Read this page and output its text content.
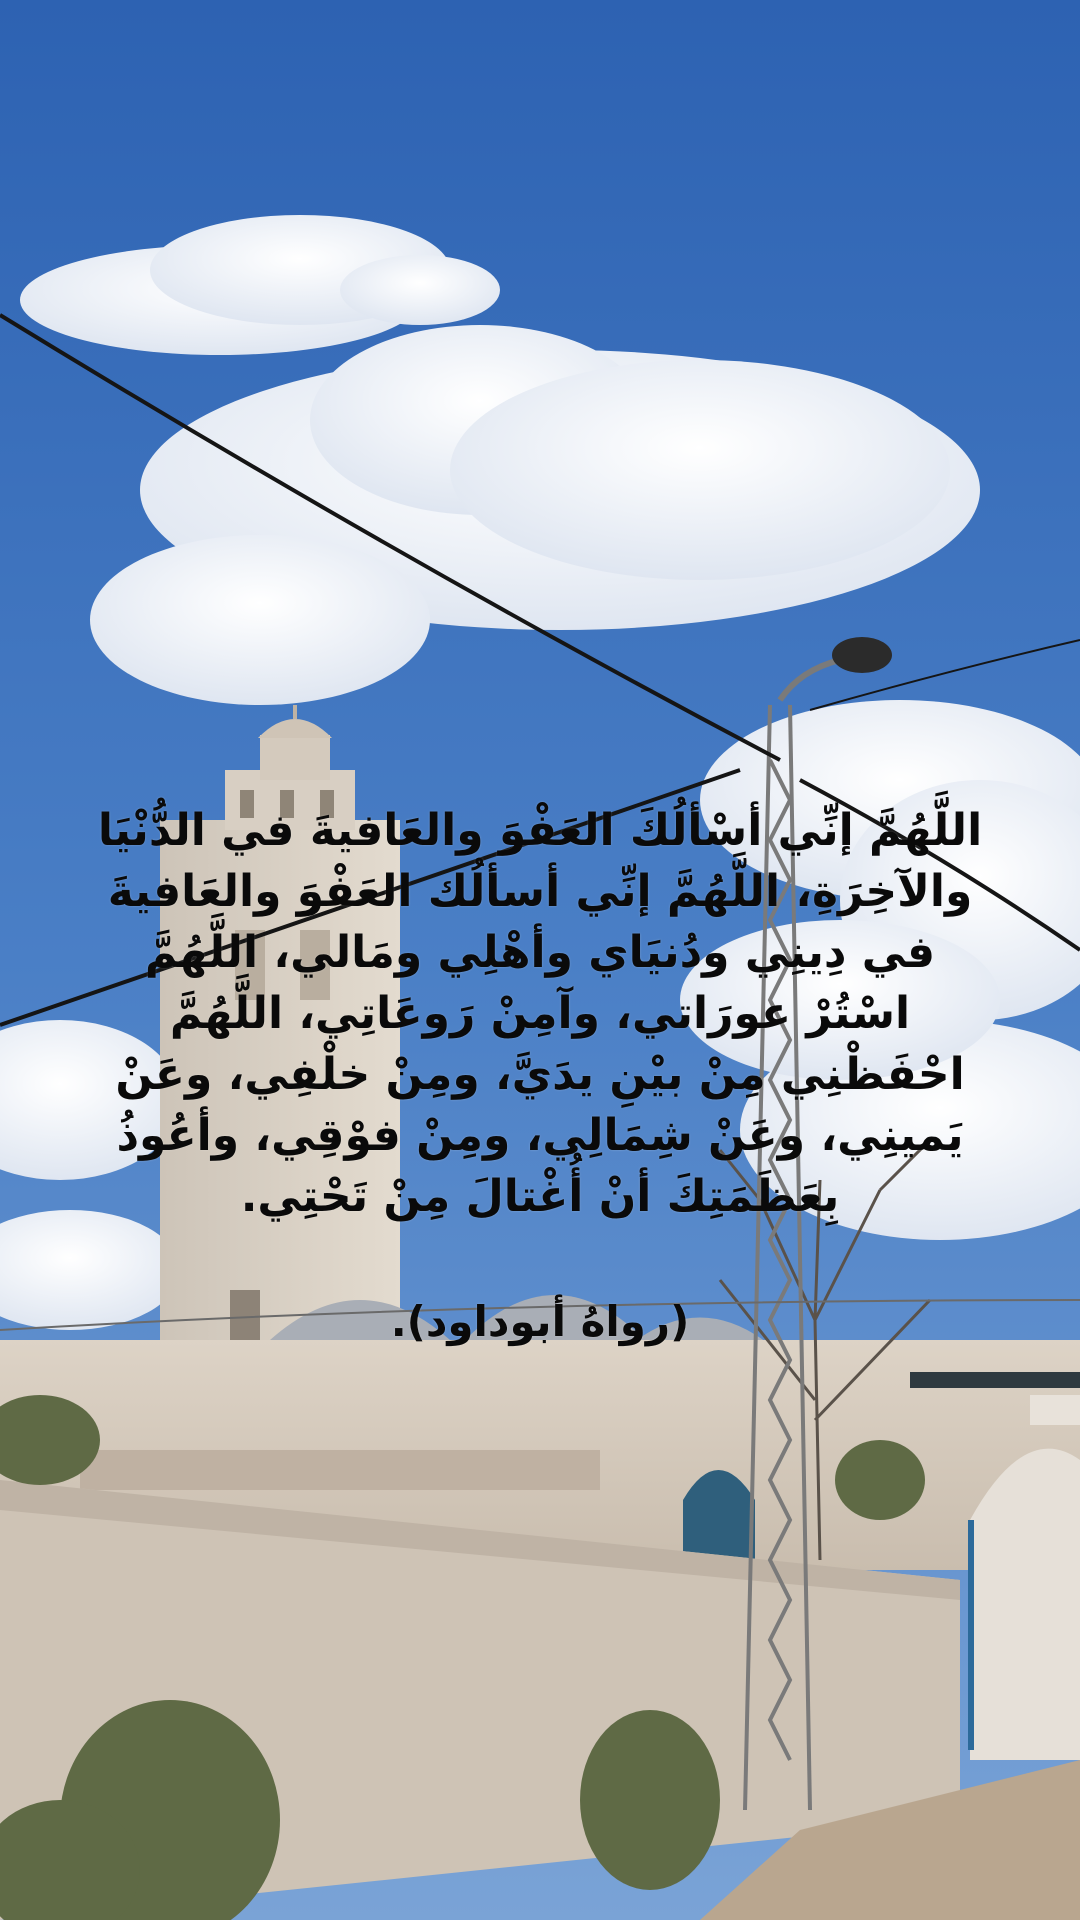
اللَّهُمَّ إنِّي أسْألُكَ العَفْوَ والعَافيةَ في الدُّنْيَا
والآخِرَةِ، اللَّهُمَّ إنِّي أسألُك العَفْوَ والعَافيةَ
في دِينِي ودُنيَاي وأهْلِي ومَالي، اللَّهُمَّ
اسْتُرْ عورَاتي، وآمِنْ رَوعَاتِي، اللَّهُمَّ
احْفَظْنِي مِنْ بيْنِ يدَيَّ، ومِنْ خلْفِي، وعَنْ
يَمينِي، وعَنْ شِمَالِي، ومِنْ فوْقِي، وأعُوذُ
بِعَظَمَتِكَ أنْ أُغْتالَ مِنْ تَحْتِي.
(رواهُ أبوداود).
